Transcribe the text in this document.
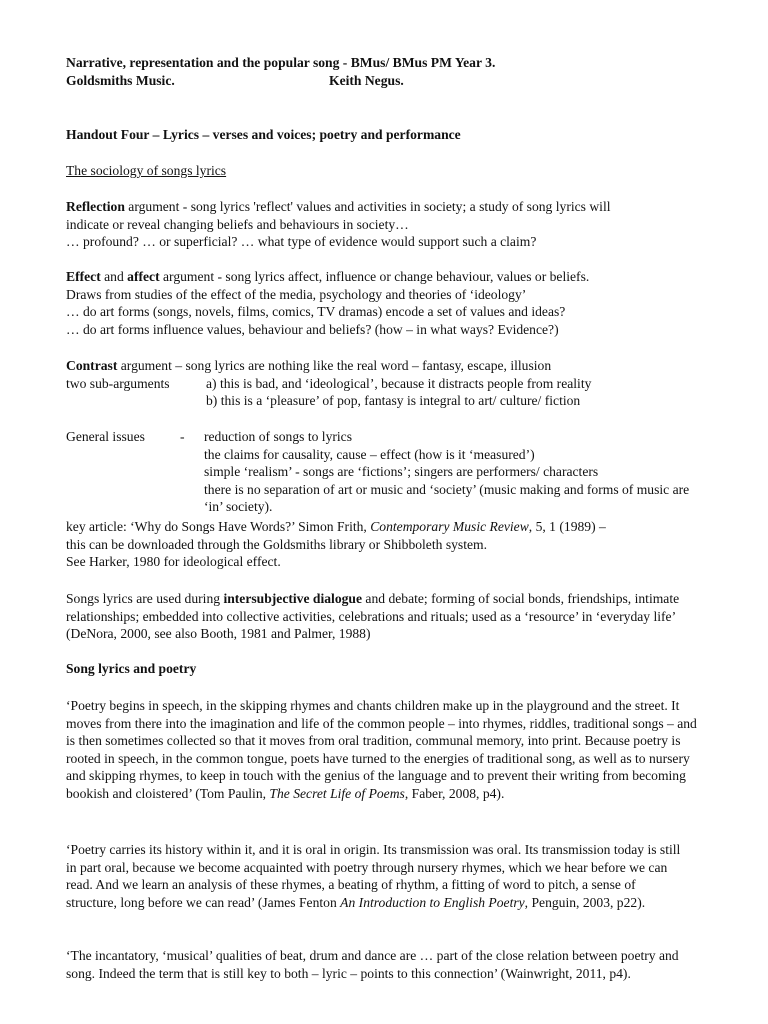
Narrative, representation and the popular song - BMus/ BMus PM Year 3.
Goldsmiths Music.	Keith Negus.
Handout Four – Lyrics – verses and voices; poetry and performance
The sociology of songs lyrics
Reflection argument - song lyrics 'reflect' values and activities in society; a study of song lyrics will
indicate or reveal changing beliefs and behaviours in society…
… profound? … or superficial? … what type of evidence would support such a claim?
Effect and affect argument - song lyrics affect, influence or change behaviour, values or beliefs.
Draws from studies of the effect of the media, psychology and theories of ‘ideology’
… do art forms (songs, novels, films, comics, TV dramas) encode a set of values and ideas?
… do art forms influence values, behaviour and beliefs? (how – in what ways? Evidence?)
Contrast argument – song lyrics are nothing like the real word – fantasy, escape, illusion
two sub-arguments	a) this is bad, and ‘ideological’, because it distracts people from reality
b) this is a ‘pleasure’ of pop, fantasy is integral to art/ culture/ fiction
General issues	-	reduction of songs to lyrics
the claims for causality, cause – effect (how is it ‘measured’)
simple ‘realism’ - songs are ‘fictions’; singers are performers/ characters
there is no separation of art or music and ‘society’ (music making and forms of music are ‘in’ society).
key article: ‘Why do Songs Have Words?’ Simon Frith, Contemporary Music Review, 5, 1 (1989) –
this can be downloaded through the Goldsmiths library or Shibboleth system.
See Harker, 1980 for ideological effect.
Songs lyrics are used during intersubjective dialogue and debate; forming of social bonds, friendships, intimate relationships; embedded into collective activities, celebrations and rituals; used as a ‘resource’ in ‘everyday life’ (DeNora, 2000, see also Booth, 1981 and Palmer, 1988)
Song lyrics and poetry
‘Poetry begins in speech, in the skipping rhymes and chants children make up in the playground and the street. It moves from there into the imagination and life of the common people – into rhymes, riddles, traditional songs – and is then sometimes collected so that it moves from oral tradition, communal memory, into print. Because poetry is rooted in speech, in the common tongue, poets have turned to the energies of traditional song, as well as to nursery and skipping rhymes, to keep in touch with the genius of the language and to prevent their writing from becoming bookish and cloistered’ (Tom Paulin, The Secret Life of Poems, Faber, 2008, p4).
‘Poetry carries its history within it, and it is oral in origin. Its transmission was oral. Its transmission today is still in part oral, because we become acquainted with poetry through nursery rhymes, which we hear before we can read. And we learn an analysis of these rhymes, a beating of rhythm, a fitting of word to pitch, a sense of structure, long before we can read’ (James Fenton An Introduction to English Poetry, Penguin, 2003, p22).
‘The incantatory, ‘musical’ qualities of beat, drum and dance are … part of the close relation between poetry and song. Indeed the term that is still key to both – lyric – points to this connection’ (Wainwright, 2011, p4).
